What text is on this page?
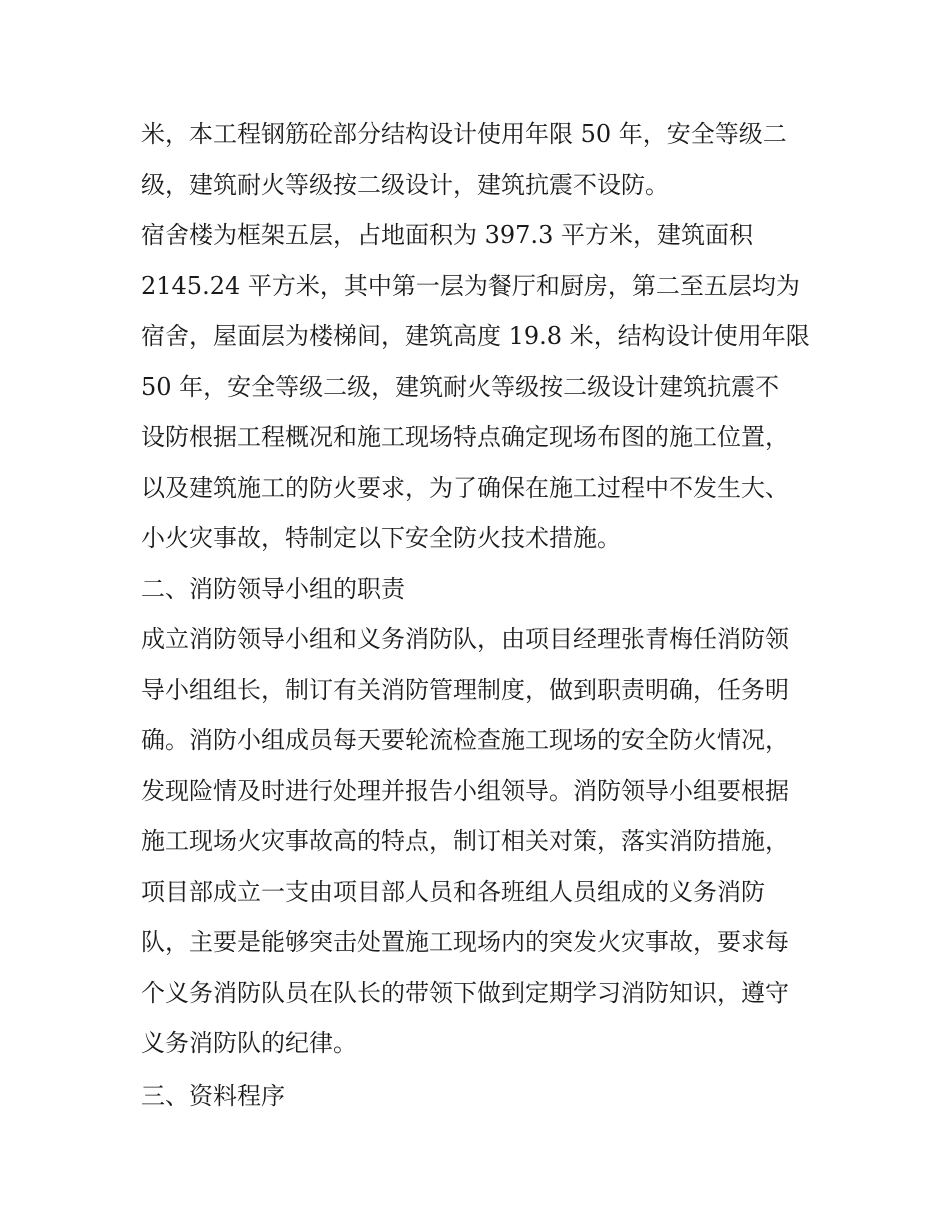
米，本工程钢筋砼部分结构设计使用年限 50 年，安全等级二
级，建筑耐火等级按二级设计，建筑抗震不设防。
宿舍楼为框架五层，占地面积为 397.3 平方米，建筑面积
2145.24 平方米，其中第一层为餐厅和厨房，第二至五层均为
宿舍，屋面层为楼梯间，建筑高度 19.8 米，结构设计使用年限
50 年，安全等级二级，建筑耐火等级按二级设计建筑抗震不
设防根据工程概况和施工现场特点确定现场布图的施工位置，
以及建筑施工的防火要求，为了确保在施工过程中不发生大、
小火灾事故，特制定以下安全防火技术措施。
二、消防领导小组的职责
成立消防领导小组和义务消防队，由项目经理张青梅任消防领
导小组组长，制订有关消防管理制度，做到职责明确，任务明
确。消防小组成员每天要轮流检查施工现场的安全防火情况，
发现险情及时进行处理并报告小组领导。消防领导小组要根据
施工现场火灾事故高的特点，制订相关对策，落实消防措施，
项目部成立一支由项目部人员和各班组人员组成的义务消防
队，主要是能够突击处置施工现场内的突发火灾事故，要求每
个义务消防队员在队长的带领下做到定期学习消防知识，遵守
义务消防队的纪律。
三、资料程序
